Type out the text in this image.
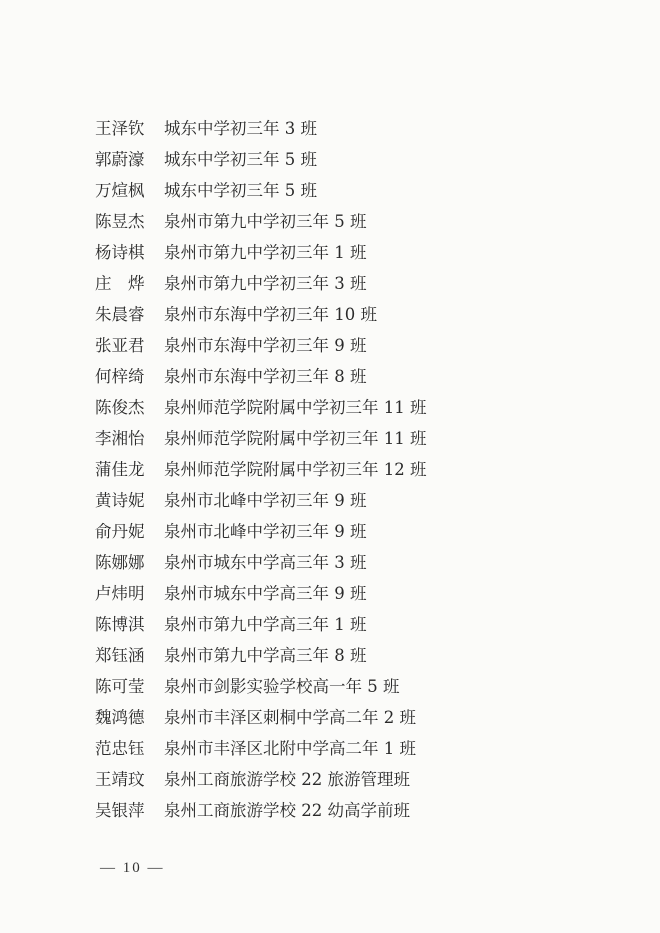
王泽钦	城东中学初三年 3 班
郭蔚濠	城东中学初三年 5 班
万煊枫	城东中学初三年 5 班
陈昱杰	泉州市第九中学初三年 5 班
杨诗棋	泉州市第九中学初三年 1 班
庄　烨	泉州市第九中学初三年 3 班
朱晨睿	泉州市东海中学初三年 10 班
张亚君	泉州市东海中学初三年 9 班
何梓绮	泉州市东海中学初三年 8 班
陈俊杰	泉州师范学院附属中学初三年 11 班
李湘怡	泉州师范学院附属中学初三年 11 班
蒲佳龙	泉州师范学院附属中学初三年 12 班
黄诗妮	泉州市北峰中学初三年 9 班
俞丹妮	泉州市北峰中学初三年 9 班
陈娜娜	泉州市城东中学高三年 3 班
卢炜明	泉州市城东中学高三年 9 班
陈博淇	泉州市第九中学高三年 1 班
郑钰涵	泉州市第九中学高三年 8 班
陈可莹	泉州市剑影实验学校高一年 5 班
魏鸿德	泉州市丰泽区刺桐中学高二年 2 班
范忠钰	泉州市丰泽区北附中学高二年 1 班
王靖玟	泉州工商旅游学校 22 旅游管理班
吴银萍	泉州工商旅游学校 22 幼高学前班
— 10 —
